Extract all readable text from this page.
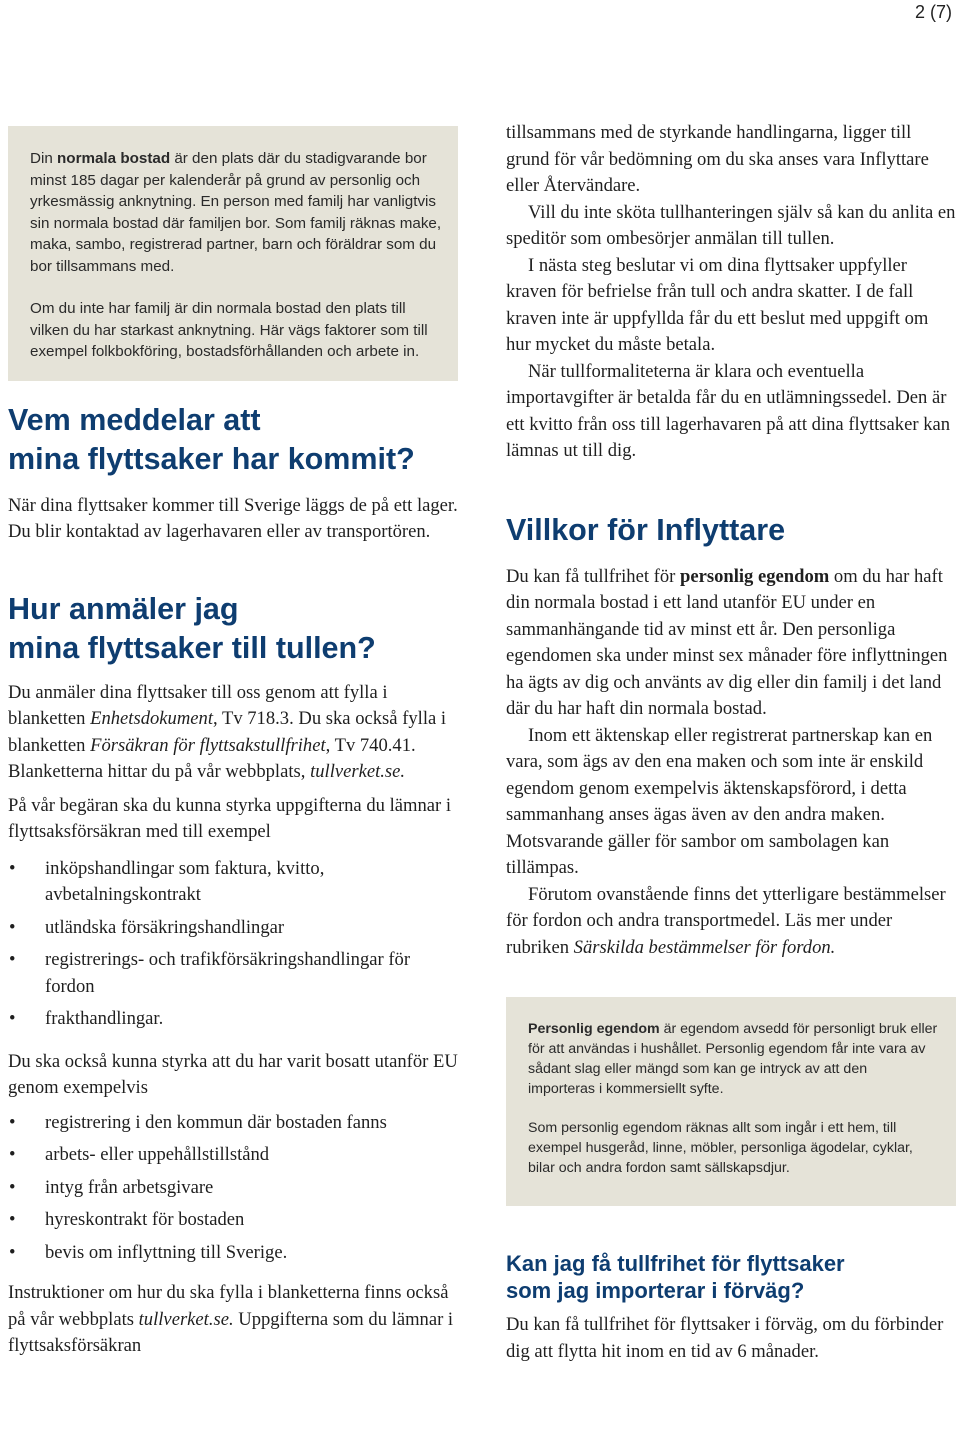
2 (7)

Din normala bostad är den plats där du stadigvarande bor minst 185 dagar per kalenderår på grund av personlig och yrkesmässig anknytning. En person med familj har vanligtvis sin normala bostad där familjen bor. Som familj räknas make, maka, sambo, registrerad partner, barn och föräldrar som du bor tillsammans med.

Om du inte har familj är din normala bostad den plats till vilken du har starkast anknytning. Här vägs faktorer som till exempel folkbokföring, bostadsförhållanden och arbete in.

Vem meddelar att
mina flyttsaker har kommit?

När dina flyttsaker kommer till Sverige läggs de på ett lager. Du blir kontaktad av lagerhavaren eller av transportören.

Hur anmäler jag
mina flyttsaker till tullen?

Du anmäler dina flyttsaker till oss genom att fylla i blanketten Enhetsdokument, Tv 718.3. Du ska också fylla i blanketten Försäkran för flyttsakstullfrihet, Tv 740.41. Blanketterna hittar du på vår webbplats, tullverket.se.

På vår begäran ska du kunna styrka uppgifterna du lämnar i flyttsaksförsäkran med till exempel

• inköpshandlingar som faktura, kvitto, avbetalningskontrakt
• utländska försäkringshandlingar
• registrerings- och trafikförsäkringshandlingar för fordon
• frakthandlingar.

Du ska också kunna styrka att du har varit bosatt utanför EU genom exempelvis

• registrering i den kommun där bostaden fanns
• arbets- eller uppehållstillstånd
• intyg från arbetsgivare
• hyreskontrakt för bostaden
• bevis om inflyttning till Sverige.

Instruktioner om hur du ska fylla i blanketterna finns också på vår webbplats tullverket.se. Uppgifterna som du lämnar i flyttsaksförsäkran

tillsammans med de styrkande handlingarna, ligger till grund för vår bedömning om du ska anses vara Inflyttare eller Återvändare.

Vill du inte sköta tullhanteringen själv så kan du anlita en speditör som ombesörjer anmälan till tullen.

I nästa steg beslutar vi om dina flyttsaker uppfyller kraven för befrielse från tull och andra skatter. I de fall kraven inte är uppfyllda får du ett beslut med uppgift om hur mycket du måste betala.

När tullformaliteterna är klara och eventuella importavgifter är betalda får du en utlämningssedel. Den är ett kvitto från oss till lagerhavaren på att dina flyttsaker kan lämnas ut till dig.

Villkor för Inflyttare

Du kan få tullfrihet för personlig egendom om du har haft din normala bostad i ett land utanför EU under en sammanhängande tid av minst ett år. Den personliga egendomen ska under minst sex månader före inflyttningen ha ägts av dig och använts av dig eller din familj i det land där du har haft din normala bostad.

Inom ett äktenskap eller registrerat partnerskap kan en vara, som ägs av den ena maken och som inte är enskild egendom genom exempelvis äktenskapsförord, i detta sammanhang anses ägas även av den andra maken. Motsvarande gäller för sambor om sambolagen kan tillämpas.

Förutom ovanstående finns det ytterligare bestämmelser för fordon och andra transportmedel. Läs mer under rubriken Särskilda bestämmelser för fordon.

Personlig egendom är egendom avsedd för personligt bruk eller för att användas i hushållet. Personlig egendom får inte vara av sådant slag eller mängd som kan ge intryck av att den importeras i kommersiellt syfte.

Som personlig egendom räknas allt som ingår i ett hem, till exempel husgeråd, linne, möbler, personliga ägodelar, cyklar, bilar och andra fordon samt sällskapsdjur.

Kan jag få tullfrihet för flyttsaker
som jag importerar i förväg?

Du kan få tullfrihet för flyttsaker i förväg, om du förbinder dig att flytta hit inom en tid av 6 månader.
